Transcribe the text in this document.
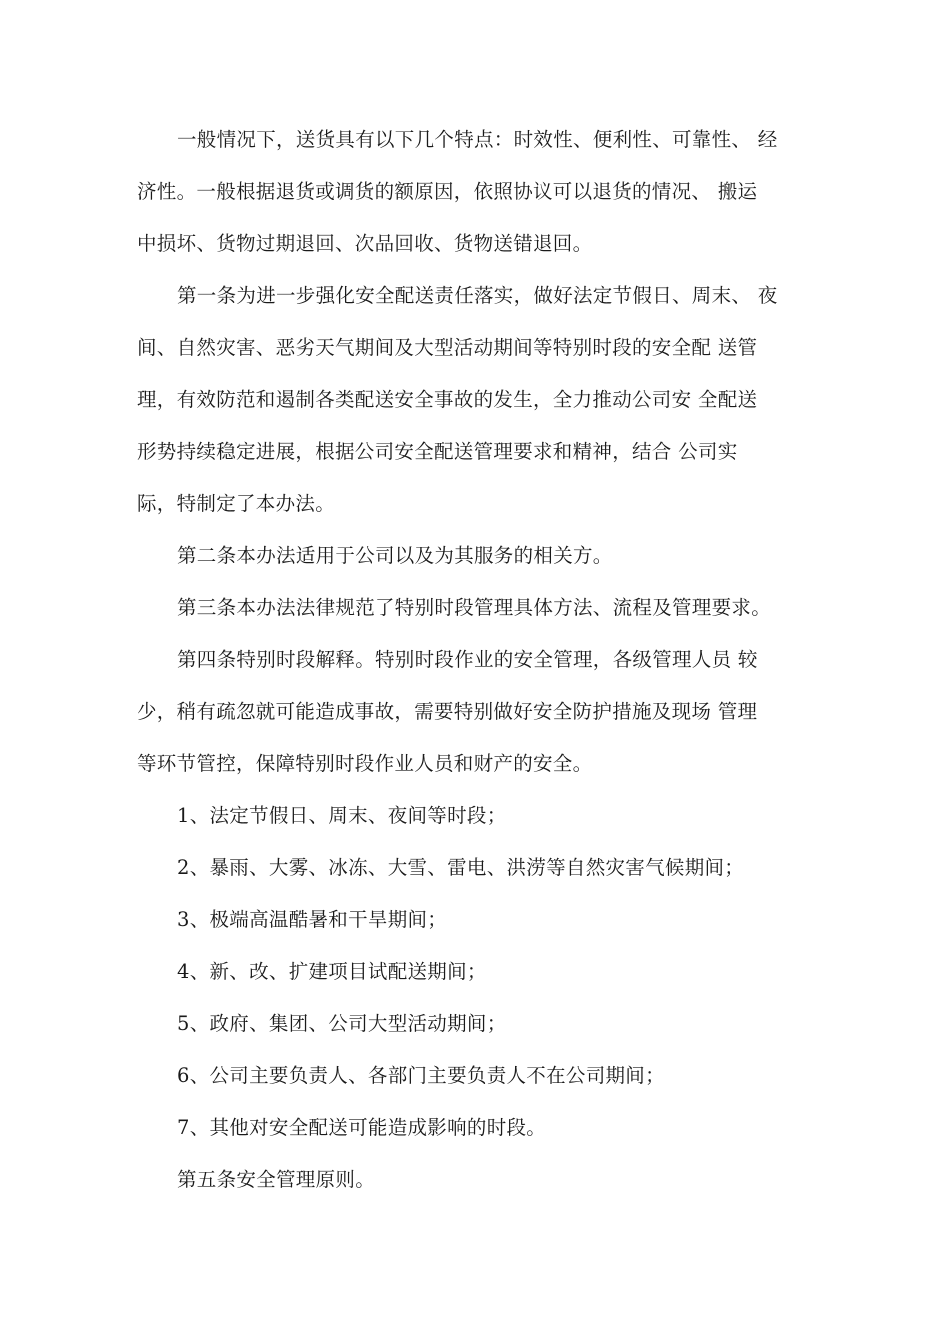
一般情况下，送货具有以下几个特点：时效性、便利性、可靠性、 经
济性。一般根据退货或调货的额原因，依照协议可以退货的情况、 搬运
中损坏、货物过期退回、次品回收、货物送错退回。

第一条为进一步强化安全配送责任落实，做好法定节假日、周末、 夜
间、自然灾害、恶劣天气期间及大型活动期间等特别时段的安全配 送管
理，有效防范和遏制各类配送安全事故的发生，全力推动公司安 全配送
形势持续稳定进展，根据公司安全配送管理要求和精神，结合 公司实
际，特制定了本办法。

第二条本办法适用于公司以及为其服务的相关方。

第三条本办法法律规范了特别时段管理具体方法、流程及管理要求。

第四条特别时段解释。特别时段作业的安全管理，各级管理人员 较
少，稍有疏忽就可能造成事故，需要特别做好安全防护措施及现场 管理
等环节管控，保障特别时段作业人员和财产的安全。

1、法定节假日、周末、夜间等时段；

2、暴雨、大雾、冰冻、大雪、雷电、洪涝等自然灾害气候期间；

3、极端高温酷暑和干旱期间；

4、新、改、扩建项目试配送期间；

5、政府、集团、公司大型活动期间；

6、公司主要负责人、各部门主要负责人不在公司期间；

7、其他对安全配送可能造成影响的时段。

第五条安全管理原则。
